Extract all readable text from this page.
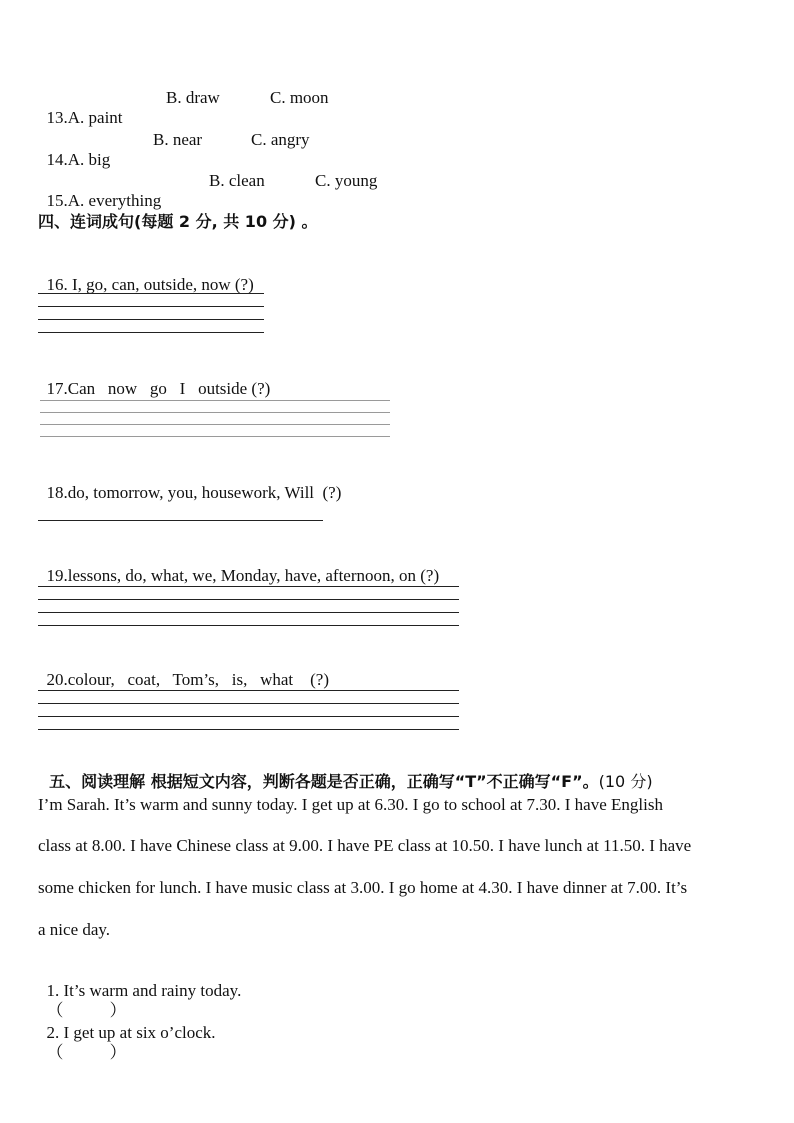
13.A. paint

B. draw	C. moon

14.A. big

B. near	C. angry

15.A. everything

B. clean	C. young
四、连词成句(每题 2 分, 共 10 分) 。

16. I, go, can, outside, now (?)

17.Can   now   go   I   outside (?)

18.do, tomorrow, you, housework, Will  (?)

19.lessons, do, what, we, Monday, have, afternoon, on (?)

20.colour,   coat,   Tom’s,   is,   what    (?)

五、阅读理解 根据短文内容，判断各题是否正确，正确写“T”不正确写“F”。(10 分)

I’m Sarah. It’s warm and sunny today. I get up at 6.30. I go to school at 7.30. I have English
class at 8.00. I have Chinese class at 9.00. I have PE class at 10.50. I have lunch at 11.50. I have
some chicken for lunch. I have music class at 3.00. I go home at 4.30. I have dinner at 7.00. It’s
a nice day.

1. It’s warm and rainy today.
（	）

2. I get up at six o’clock.
（	）
